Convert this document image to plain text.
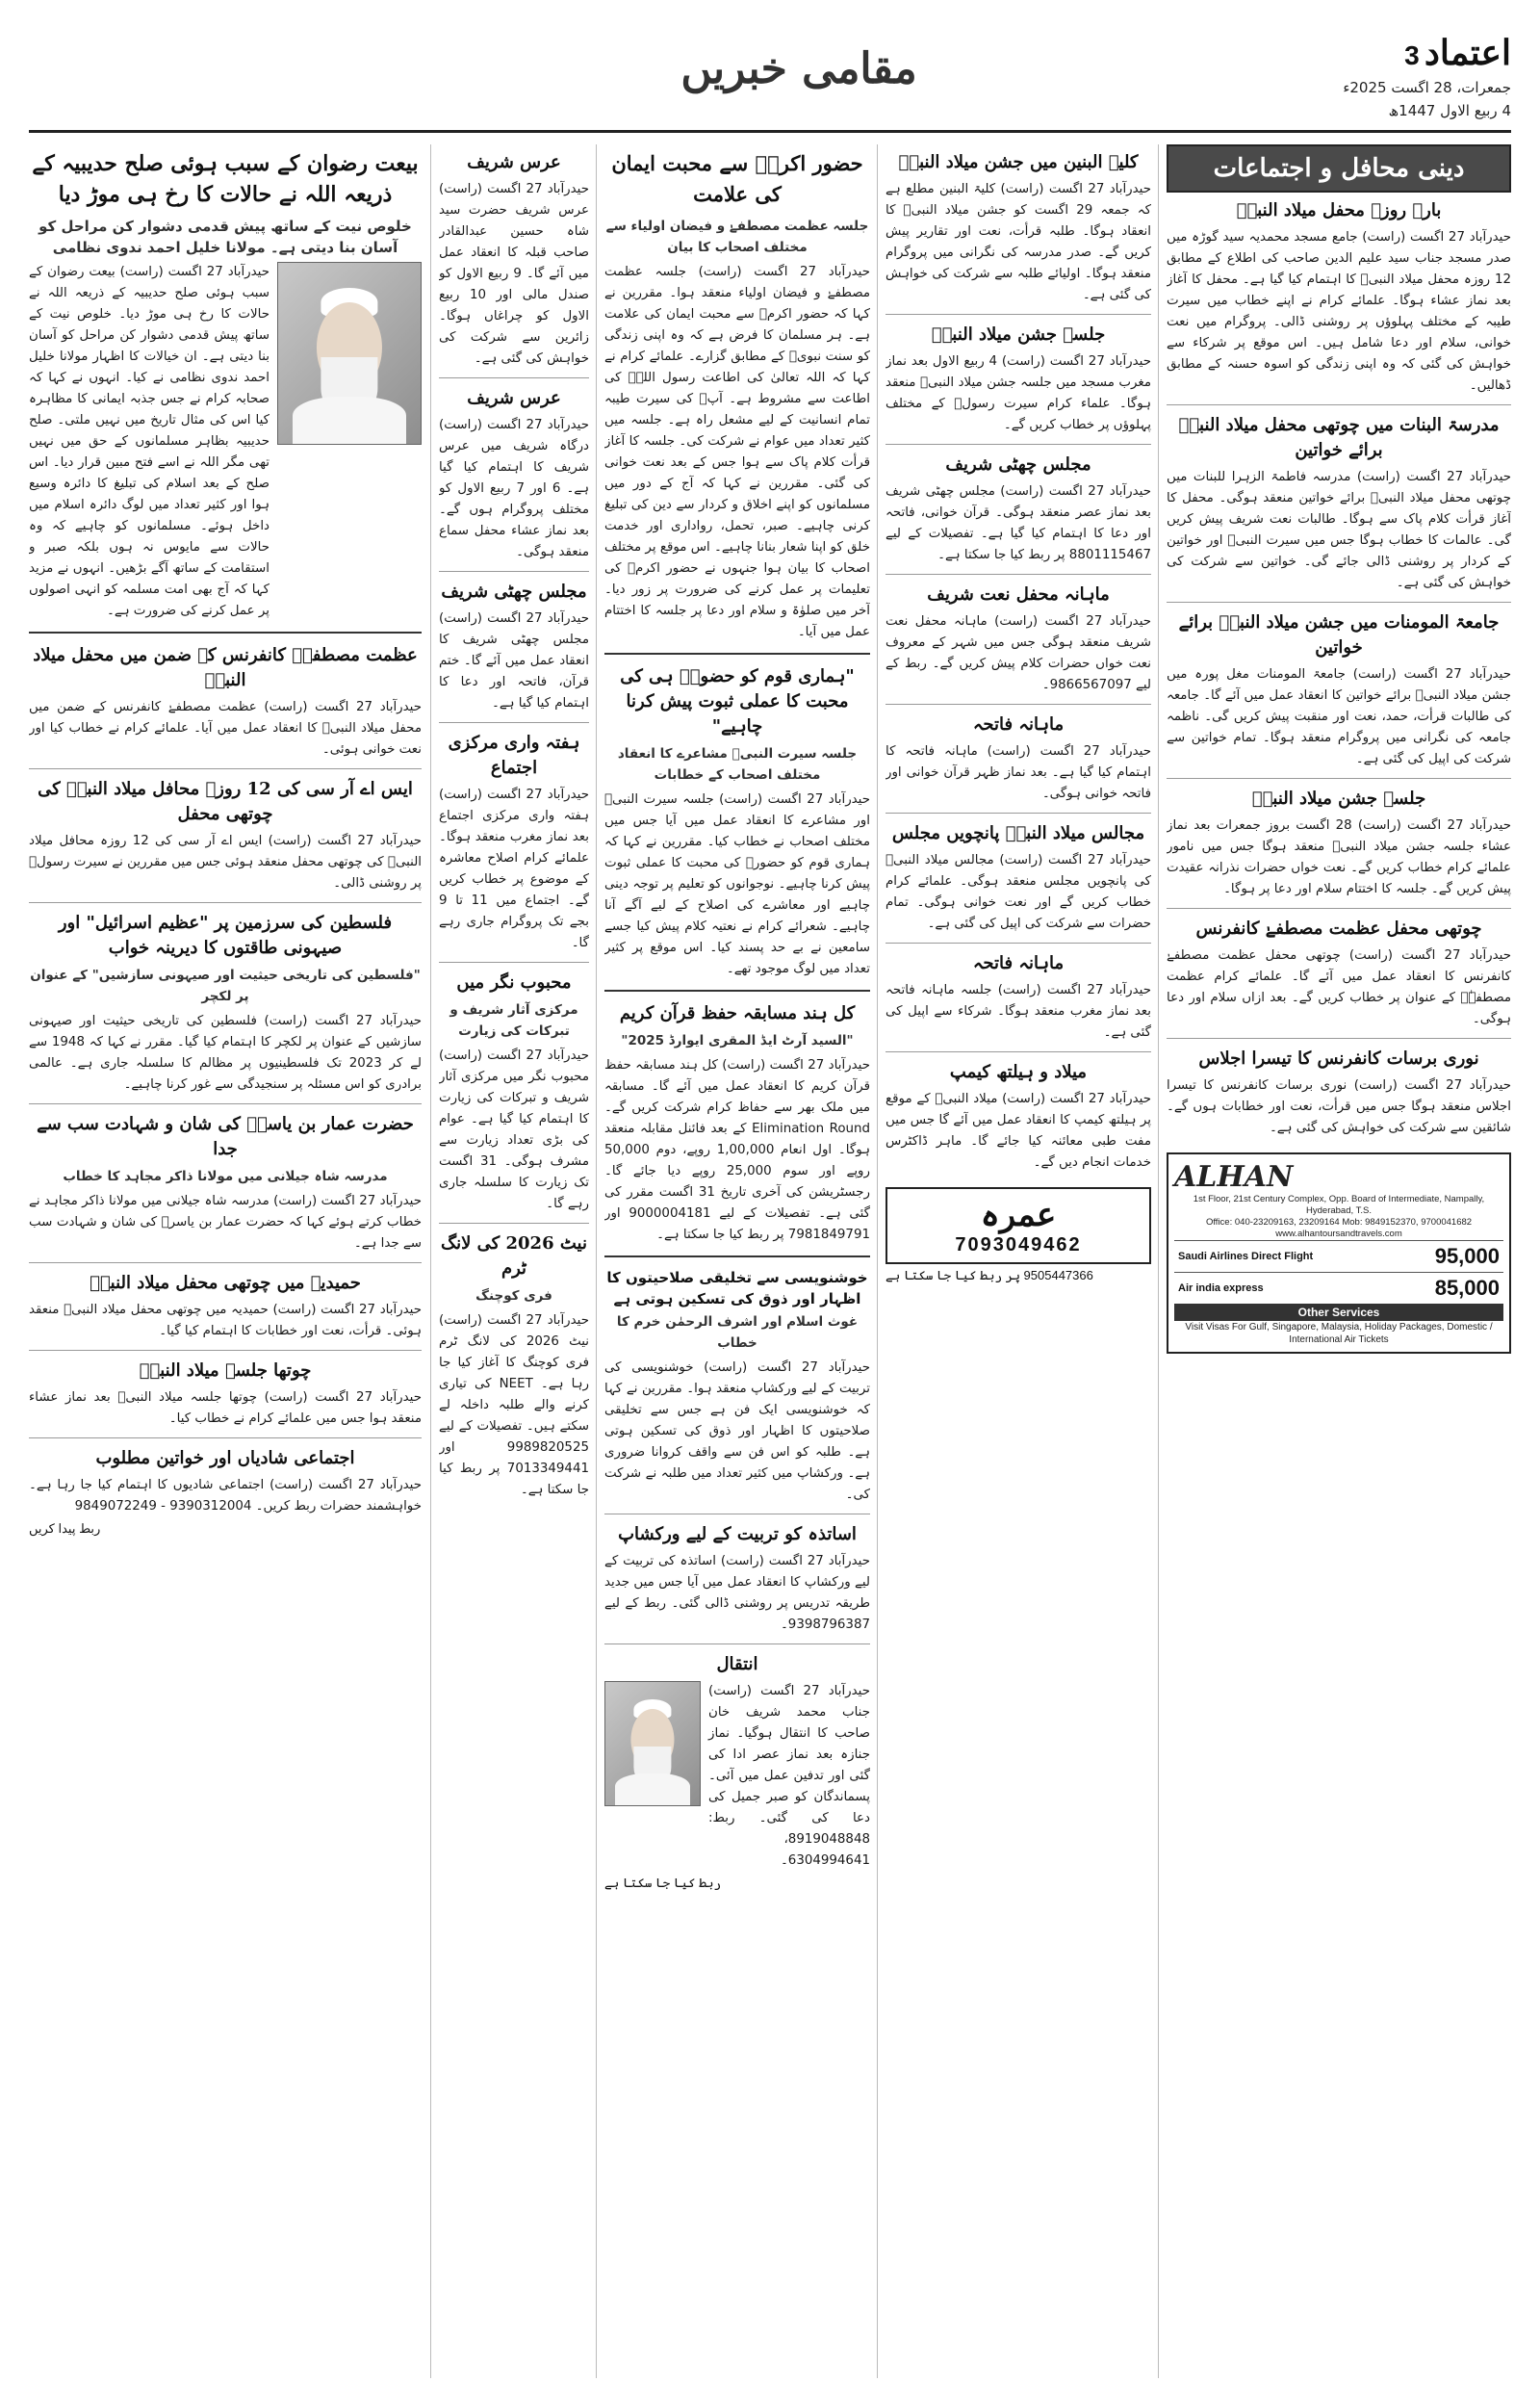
اعتماد 3
جمعرات، 28 اگست 2025ء
4 ربیع الاول 1447ھ
مقامی خبریں
دینی محافل و اجتماعات
بارہ روزہ محفل میلاد النبیؐ
حیدرآباد 27 اگست (راست) جامع مسجد محمدیہ سید گوڑہ میں صدر مسجد جناب سید علیم الدین صاحب کی اطلاع کے مطابق 12 روزہ محفل میلاد النبیؐ کا اہتمام کیا گیا ہے۔ محفل کا آغاز بعد نماز عشاء ہوگا۔ علمائے کرام نے اپنے خطاب میں سیرت طیبہ کے مختلف پہلوؤں پر روشنی ڈالی۔ پروگرام میں نعت خوانی، سلام اور دعا شامل ہیں۔ اس موقع پر شرکاء سے خواہش کی گئی کہ وہ اپنی زندگی کو اسوہ حسنہ کے مطابق ڈھالیں۔
مدرسۃ البنات میں چوتھی محفل میلاد النبیؐ برائے خواتین
حیدرآباد 27 اگست (راست) مدرسہ فاطمۃ الزہرا للبنات میں چوتھی محفل میلاد النبیؐ برائے خواتین منعقد ہوگی۔ محفل کا آغاز قرأت کلام پاک سے ہوگا۔ طالبات نعت شریف پیش کریں گی۔ عالمات کا خطاب ہوگا جس میں سیرت النبیؐ اور خواتین کے کردار پر روشنی ڈالی جائے گی۔ خواتین سے شرکت کی خواہش کی گئی ہے۔
جامعۃ المومنات میں جشن میلاد النبیؐ برائے خواتین
حیدرآباد 27 اگست (راست) جامعۃ المومنات مغل پورہ میں جشن میلاد النبیؐ برائے خواتین کا انعقاد عمل میں آئے گا۔ جامعہ کی طالبات قرأت، حمد، نعت اور منقبت پیش کریں گی۔ ناظمہ جامعہ کی نگرانی میں پروگرام منعقد ہوگا۔ تمام خواتین سے شرکت کی اپیل کی گئی ہے۔
جلسہ جشن میلاد النبیؐ
حیدرآباد 27 اگست (راست) 28 اگست بروز جمعرات بعد نماز عشاء جلسہ جشن میلاد النبیؐ منعقد ہوگا جس میں نامور علمائے کرام خطاب کریں گے۔ نعت خواں حضرات نذرانہ عقیدت پیش کریں گے۔ جلسہ کا اختتام سلام اور دعا پر ہوگا۔
چوتھی محفل عظمت مصطفےٰ کانفرنس
حیدرآباد 27 اگست (راست) چوتھی محفل عظمت مصطفےٰ کانفرنس کا انعقاد عمل میں آئے گا۔ علمائے کرام عظمت مصطفےٰؐ کے عنوان پر خطاب کریں گے۔ بعد ازاں سلام اور دعا ہوگی۔
نوری برسات کانفرنس کا تیسرا اجلاس
حیدرآباد 27 اگست (راست) نوری برسات کانفرنس کا تیسرا اجلاس منعقد ہوگا جس میں قرأت، نعت اور خطابات ہوں گے۔ شائقین سے شرکت کی خواہش کی گئی ہے۔
ALHAN
1st Floor, 21st Century Complex, Opp. Board of Intermediate, Nampally, Hyderabad, T.S.
Office: 040-23209163, 23209164 Mob: 9849152370, 9700041682
www.alhantoursandtravels.com
Saudi Airlines Direct Flight	95,000
Air india express	85,000
Other Services
Visit Visas For Gulf, Singapore, Malaysia, Holiday Packages, Domestic / International Air Tickets
کلیۃ البنین میں جشن میلاد النبیؐ
حیدرآباد 27 اگست (راست) کلیۃ البنین مطلع ہے کہ جمعہ 29 اگست کو جشن میلاد النبیؐ کا انعقاد ہوگا۔ طلبہ قرأت، نعت اور تقاریر پیش کریں گے۔ صدر مدرسہ کی نگرانی میں پروگرام منعقد ہوگا۔ اولیائے طلبہ سے شرکت کی خواہش کی گئی ہے۔
جلسہ جشن میلاد النبیؐ
حیدرآباد 27 اگست (راست) 4 ربیع الاول بعد نماز مغرب مسجد میں جلسہ جشن میلاد النبیؐ منعقد ہوگا۔ علماء کرام سیرت رسولؐ کے مختلف پہلوؤں پر خطاب کریں گے۔
مجلس چھٹی شریف
حیدرآباد 27 اگست (راست) مجلس چھٹی شریف بعد نماز عصر منعقد ہوگی۔ قرآن خوانی، فاتحہ اور دعا کا اہتمام کیا گیا ہے۔ تفصیلات کے لیے 8801115467 پر ربط کیا جا سکتا ہے۔
ماہانہ محفل نعت شریف
حیدرآباد 27 اگست (راست) ماہانہ محفل نعت شریف منعقد ہوگی جس میں شہر کے معروف نعت خواں حضرات کلام پیش کریں گے۔ ربط کے لیے 9866567097۔
ماہانہ فاتحہ
حیدرآباد 27 اگست (راست) ماہانہ فاتحہ کا اہتمام کیا گیا ہے۔ بعد نماز ظہر قرآن خوانی اور فاتحہ خوانی ہوگی۔
مجالس میلاد النبیؐ پانچویں مجلس
حیدرآباد 27 اگست (راست) مجالس میلاد النبیؐ کی پانچویں مجلس منعقد ہوگی۔ علمائے کرام خطاب کریں گے اور نعت خوانی ہوگی۔ تمام حضرات سے شرکت کی اپیل کی گئی ہے۔
ماہانہ فاتحہ
حیدرآباد 27 اگست (راست) جلسہ ماہانہ فاتحہ بعد نماز مغرب منعقد ہوگا۔ شرکاء سے اپیل کی گئی ہے۔
میلاد و ہیلتھ کیمپ
حیدرآباد 27 اگست (راست) میلاد النبیؐ کے موقع پر ہیلتھ کیمپ کا انعقاد عمل میں آئے گا جس میں مفت طبی معائنہ کیا جائے گا۔ ماہر ڈاکٹرس خدمات انجام دیں گے۔
عمرہ
7093049462
9505447366 پر ربط کیا جا سکتا ہے
حضور اکرمؐ سے محبت ایمان کی علامت
جلسہ عظمت مصطفےٰ و فیضان اولیاء سے مختلف اصحاب کا بیان
حیدرآباد 27 اگست (راست) جلسہ عظمت مصطفےٰ و فیضان اولیاء منعقد ہوا۔ مقررین نے کہا کہ حضور اکرمؐ سے محبت ایمان کی علامت ہے۔ ہر مسلمان کا فرض ہے کہ وہ اپنی زندگی کو سنت نبویؐ کے مطابق گزارے۔ علمائے کرام نے کہا کہ اللہ تعالیٰ کی اطاعت رسول اللہؐ کی اطاعت سے مشروط ہے۔ آپؐ کی سیرت طیبہ تمام انسانیت کے لیے مشعل راہ ہے۔ جلسہ میں کثیر تعداد میں عوام نے شرکت کی۔ جلسہ کا آغاز قرأت کلام پاک سے ہوا جس کے بعد نعت خوانی کی گئی۔ مقررین نے کہا کہ آج کے دور میں مسلمانوں کو اپنے اخلاق و کردار سے دین کی تبلیغ کرنی چاہیے۔ صبر، تحمل، رواداری اور خدمت خلق کو اپنا شعار بنانا چاہیے۔ اس موقع پر مختلف اصحاب کا بیان ہوا جنہوں نے حضور اکرمؐ کی تعلیمات پر عمل کرنے کی ضرورت پر زور دیا۔ آخر میں صلوٰۃ و سلام اور دعا پر جلسہ کا اختتام عمل میں آیا۔
"ہماری قوم کو حضورؐ ہی کی محبت کا عملی ثبوت پیش کرنا چاہیے"
جلسہ سیرت النبیؐ مشاعرے کا انعقاد مختلف اصحاب کے خطابات
حیدرآباد 27 اگست (راست) جلسہ سیرت النبیؐ اور مشاعرے کا انعقاد عمل میں آیا جس میں مختلف اصحاب نے خطاب کیا۔ مقررین نے کہا کہ ہماری قوم کو حضورؐ کی محبت کا عملی ثبوت پیش کرنا چاہیے۔ نوجوانوں کو تعلیم پر توجہ دینی چاہیے اور معاشرے کی اصلاح کے لیے آگے آنا چاہیے۔ شعرائے کرام نے نعتیہ کلام پیش کیا جسے سامعین نے بے حد پسند کیا۔ اس موقع پر کثیر تعداد میں لوگ موجود تھے۔
کل ہند مسابقہ حفظ قرآن کریم
"السید آرٹ ایڈ المقری ایوارڈ 2025"
حیدرآباد 27 اگست (راست) کل ہند مسابقہ حفظ قرآن کریم کا انعقاد عمل میں آئے گا۔ مسابقہ میں ملک بھر سے حفاظ کرام شرکت کریں گے۔ Elimination Round کے بعد فائنل مقابلہ منعقد ہوگا۔ اول انعام 1,00,000 روپے، دوم 50,000 روپے اور سوم 25,000 روپے دیا جائے گا۔ رجسٹریشن کی آخری تاریخ 31 اگست مقرر کی گئی ہے۔ تفصیلات کے لیے 9000004181 اور 7981849791 پر ربط کیا جا سکتا ہے۔
خوشنویسی سے تخلیقی صلاحیتوں کا اظہار اور ذوق کی تسکین ہوتی ہے
غوث اسلام اور اشرف الرحمٰن خرم کا خطاب
حیدرآباد 27 اگست (راست) خوشنویسی کی تربیت کے لیے ورکشاپ منعقد ہوا۔ مقررین نے کہا کہ خوشنویسی ایک فن ہے جس سے تخلیقی صلاحیتوں کا اظہار اور ذوق کی تسکین ہوتی ہے۔ طلبہ کو اس فن سے واقف کروانا ضروری ہے۔ ورکشاپ میں کثیر تعداد میں طلبہ نے شرکت کی۔
اساتذہ کو تربیت کے لیے ورکشاپ
حیدرآباد 27 اگست (راست) اساتذہ کی تربیت کے لیے ورکشاپ کا انعقاد عمل میں آیا جس میں جدید طریقہ تدریس پر روشنی ڈالی گئی۔ ربط کے لیے 9398796387۔
انتقال
حیدرآباد 27 اگست (راست) جناب محمد شریف خان صاحب کا انتقال ہوگیا۔ نماز جنازہ بعد نماز عصر ادا کی گئی اور تدفین عمل میں آئی۔ پسماندگان کو صبر جمیل کی دعا کی گئی۔ ربط: 8919048848، 6304994641۔
ربط کیا جا سکتا ہے
عرس شریف
حیدرآباد 27 اگست (راست) عرس شریف حضرت سید شاہ حسین عبدالقادر صاحب قبلہ کا انعقاد عمل میں آئے گا۔ 9 ربیع الاول کو صندل مالی اور 10 ربیع الاول کو چراغاں ہوگا۔ زائرین سے شرکت کی خواہش کی گئی ہے۔
عرس شریف
حیدرآباد 27 اگست (راست) درگاہ شریف میں عرس شریف کا اہتمام کیا گیا ہے۔ 6 اور 7 ربیع الاول کو مختلف پروگرام ہوں گے۔ بعد نماز عشاء محفل سماع منعقد ہوگی۔
مجلس چھٹی شریف
حیدرآباد 27 اگست (راست) مجلس چھٹی شریف کا انعقاد عمل میں آئے گا۔ ختم قرآن، فاتحہ اور دعا کا اہتمام کیا گیا ہے۔
ہفتہ واری مرکزی اجتماع
حیدرآباد 27 اگست (راست) ہفتہ واری مرکزی اجتماع بعد نماز مغرب منعقد ہوگا۔ علمائے کرام اصلاح معاشرہ کے موضوع پر خطاب کریں گے۔ اجتماع میں 11 تا 9 بجے تک پروگرام جاری رہے گا۔
محبوب نگر میں
مرکزی آثار شریف و تبرکات کی زیارت
حیدرآباد 27 اگست (راست) محبوب نگر میں مرکزی آثار شریف و تبرکات کی زیارت کا اہتمام کیا گیا ہے۔ عوام کی بڑی تعداد زیارت سے مشرف ہوگی۔ 31 اگست تک زیارت کا سلسلہ جاری رہے گا۔
نیٹ 2026 کی لانگ ٹرم
فری کوچنگ
حیدرآباد 27 اگست (راست) نیٹ 2026 کی لانگ ٹرم فری کوچنگ کا آغاز کیا جا رہا ہے۔ NEET کی تیاری کرنے والے طلبہ داخلہ لے سکتے ہیں۔ تفصیلات کے لیے 9989820525 اور 7013349441 پر ربط کیا جا سکتا ہے۔
بیعت رضوان کے سبب ہوئی صلح حدیبیہ کے ذریعہ اللہ نے حالات کا رخ ہی موڑ دیا
خلوص نیت کے ساتھ پیش قدمی دشوار کن مراحل کو آسان بنا دیتی ہے۔ مولانا خلیل احمد ندوی نظامی
حیدرآباد 27 اگست (راست) بیعت رضوان کے سبب ہوئی صلح حدیبیہ کے ذریعہ اللہ نے حالات کا رخ ہی موڑ دیا۔ خلوص نیت کے ساتھ پیش قدمی دشوار کن مراحل کو آسان بنا دیتی ہے۔ ان خیالات کا اظہار مولانا خلیل احمد ندوی نظامی نے کیا۔ انہوں نے کہا کہ صحابہ کرام نے جس جذبہ ایمانی کا مظاہرہ کیا اس کی مثال تاریخ میں نہیں ملتی۔ صلح حدیبیہ بظاہر مسلمانوں کے حق میں نہیں تھی مگر اللہ نے اسے فتح مبین قرار دیا۔ اس صلح کے بعد اسلام کی تبلیغ کا دائرہ وسیع ہوا اور کثیر تعداد میں لوگ دائرہ اسلام میں داخل ہوئے۔ مسلمانوں کو چاہیے کہ وہ حالات سے مایوس نہ ہوں بلکہ صبر و استقامت کے ساتھ آگے بڑھیں۔ انہوں نے مزید کہا کہ آج بھی امت مسلمہ کو انہی اصولوں پر عمل کرنے کی ضرورت ہے۔
عظمت مصطفےٰ کانفرنس کے ضمن میں محفل میلاد النبیؐ
حیدرآباد 27 اگست (راست) عظمت مصطفےٰ کانفرنس کے ضمن میں محفل میلاد النبیؐ کا انعقاد عمل میں آیا۔ علمائے کرام نے خطاب کیا اور نعت خوانی ہوئی۔
ایس اے آر سی کی 12 روزہ محافل میلاد النبیؐ کی چوتھی محفل
حیدرآباد 27 اگست (راست) ایس اے آر سی کی 12 روزہ محافل میلاد النبیؐ کی چوتھی محفل منعقد ہوئی جس میں مقررین نے سیرت رسولؐ پر روشنی ڈالی۔
فلسطین کی سرزمین پر "عظیم اسرائیل" اور صیہونی طاقتوں کا دیرینہ خواب
"فلسطین کی تاریخی حیثیت اور صیہونی سازشیں" کے عنوان پر لکچر
حیدرآباد 27 اگست (راست) فلسطین کی تاریخی حیثیت اور صیہونی سازشیں کے عنوان پر لکچر کا اہتمام کیا گیا۔ مقرر نے کہا کہ 1948 سے لے کر 2023 تک فلسطینیوں پر مظالم کا سلسلہ جاری ہے۔ عالمی برادری کو اس مسئلہ پر سنجیدگی سے غور کرنا چاہیے۔
حضرت عمار بن یاسرؓ کی شان و شہادت سب سے جدا
مدرسہ شاہ جیلانی میں مولانا ذاکر مجاہد کا خطاب
حیدرآباد 27 اگست (راست) مدرسہ شاہ جیلانی میں مولانا ذاکر مجاہد نے خطاب کرتے ہوئے کہا کہ حضرت عمار بن یاسرؓ کی شان و شہادت سب سے جدا ہے۔
حمیدیہ میں چوتھی محفل میلاد النبیؐ
حیدرآباد 27 اگست (راست) حمیدیہ میں چوتھی محفل میلاد النبیؐ منعقد ہوئی۔ قرأت، نعت اور خطابات کا اہتمام کیا گیا۔
چوتھا جلسہ میلاد النبیؐ
حیدرآباد 27 اگست (راست) چوتھا جلسہ میلاد النبیؐ بعد نماز عشاء منعقد ہوا جس میں علمائے کرام نے خطاب کیا۔
اجتماعی شادیاں اور خواتین مطلوب
حیدرآباد 27 اگست (راست) اجتماعی شادیوں کا اہتمام کیا جا رہا ہے۔ خواہشمند حضرات ربط کریں۔ 9390312004 - 9849072249
ربط پیدا کریں
